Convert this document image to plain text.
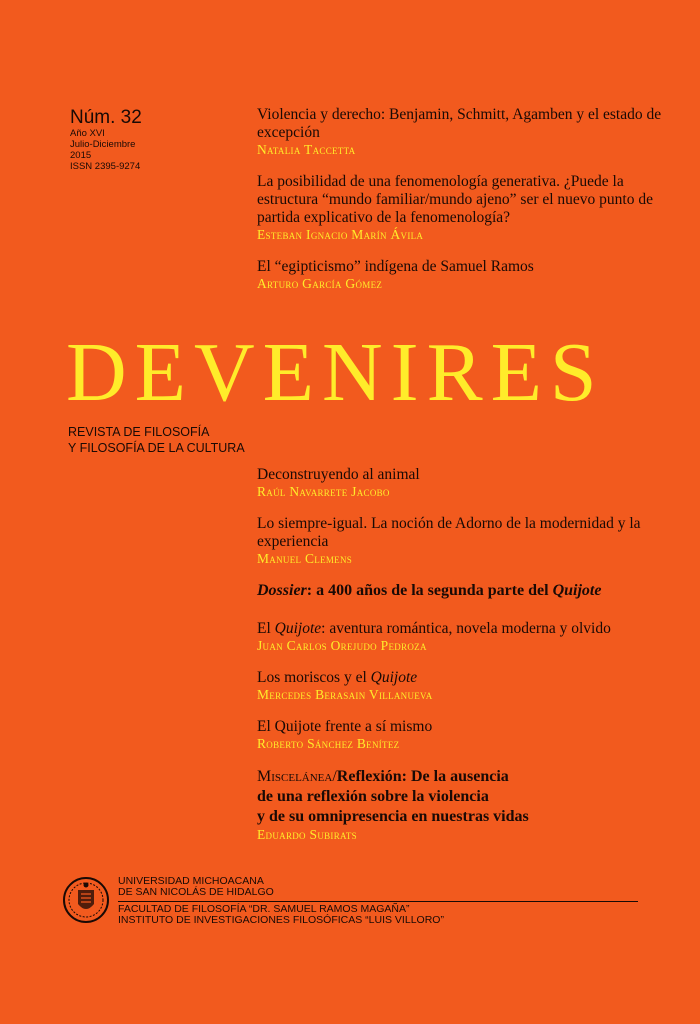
Núm. 32
Año XVI
Julio-Diciembre
2015
ISSN 2395-9274
Violencia y derecho: Benjamin, Schmitt, Agamben y el estado de excepción
Natalia Taccetta
La posibilidad de una fenomenología generativa. ¿Puede la estructura “mundo familiar/mundo ajeno” ser el nuevo punto de partida explicativo de la fenomenología?
Esteban Ignacio Marín Ávila
El “egipticismo” indígena de Samuel Ramos
Arturo García Gómez
DEVENIRES
REVISTA DE FILOSOFÍA
Y FILOSOFÍA DE LA CULTURA
Deconstruyendo al animal
Raúl Navarrete Jacobo
Lo siempre-igual. La noción de Adorno de la modernidad y la experiencia
Manuel Clemens
Dossier: a 400 años de la segunda parte del Quijote
El Quijote: aventura romántica, novela moderna y olvido
Juan Carlos Orejudo Pedroza
Los moriscos y el Quijote
Mercedes Berasain Villanueva
El Quijote frente a sí mismo
Roberto Sánchez Benítez
Miscelánea/Reflexión: De la ausencia
de una reflexión sobre la violencia
y de su omnipresencia en nuestras vidas
Eduardo Subirats
UNIVERSIDAD MICHOACANA
DE SAN NICOLÁS DE HIDALGO
FACULTAD DE FILOSOFÍA “DR. SAMUEL RAMOS MAGAÑA”
INSTITUTO DE INVESTIGACIONES FILOSÓFICAS “LUIS VILLORO”
